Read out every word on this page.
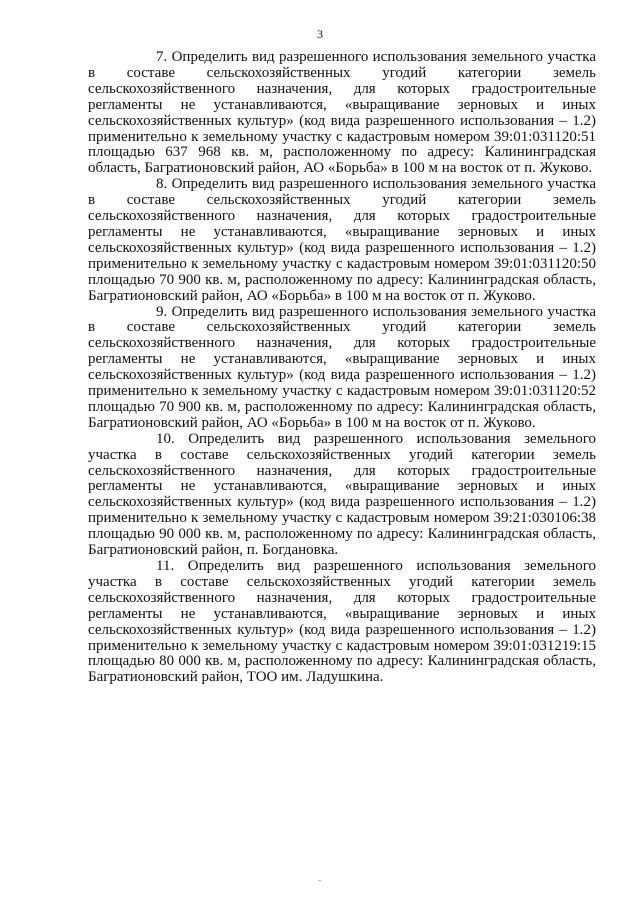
3

7. Определить вид разрешенного использования земельного участка в составе сельскохозяйственных угодий категории земель сельскохозяйственного назначения, для которых градостроительные регламенты не устанавливаются, «выращивание зерновых и иных сельскохозяйственных культур» (код вида разрешенного использования – 1.2) применительно к земельному участку с кадастровым номером 39:01:031120:51 площадью 637 968 кв. м, расположенному по адресу: Калининградская область, Багратионовский район, АО «Борьба» в 100 м на восток от п. Жуково.

8. Определить вид разрешенного использования земельного участка в составе сельскохозяйственных угодий категории земель сельскохозяйственного назначения, для которых градостроительные регламенты не устанавливаются, «выращивание зерновых и иных сельскохозяйственных культур» (код вида разрешенного использования – 1.2) применительно к земельному участку с кадастровым номером 39:01:031120:50 площадью 70 900 кв. м, расположенному по адресу: Калининградская область, Багратионовский район, АО «Борьба» в 100 м на восток от п. Жуково.

9. Определить вид разрешенного использования земельного участка в составе сельскохозяйственных угодий категории земель сельскохозяйственного назначения, для которых градостроительные регламенты не устанавливаются, «выращивание зерновых и иных сельскохозяйственных культур» (код вида разрешенного использования – 1.2) применительно к земельному участку с кадастровым номером 39:01:031120:52 площадью 70 900 кв. м, расположенному по адресу: Калининградская область, Багратионовский район, АО «Борьба» в 100 м на восток от п. Жуково.

10. Определить вид разрешенного использования земельного участка в составе сельскохозяйственных угодий категории земель сельскохозяйственного назначения, для которых градостроительные регламенты не устанавливаются, «выращивание зерновых и иных сельскохозяйственных культур» (код вида разрешенного использования – 1.2) применительно к земельному участку с кадастровым номером 39:21:030106:38 площадью 90 000 кв. м, расположенному по адресу: Калининградская область, Багратионовский район, п. Богдановка.

11. Определить вид разрешенного использования земельного участка в составе сельскохозяйственных угодий категории земель сельскохозяйственного назначения, для которых градостроительные регламенты не устанавливаются, «выращивание зерновых и иных сельскохозяйственных культур» (код вида разрешенного использования – 1.2) применительно к земельному участку с кадастровым номером 39:01:031219:15 площадью 80 000 кв. м, расположенному по адресу: Калининградская область, Багратионовский район, ТОО им. Ладушкина.
